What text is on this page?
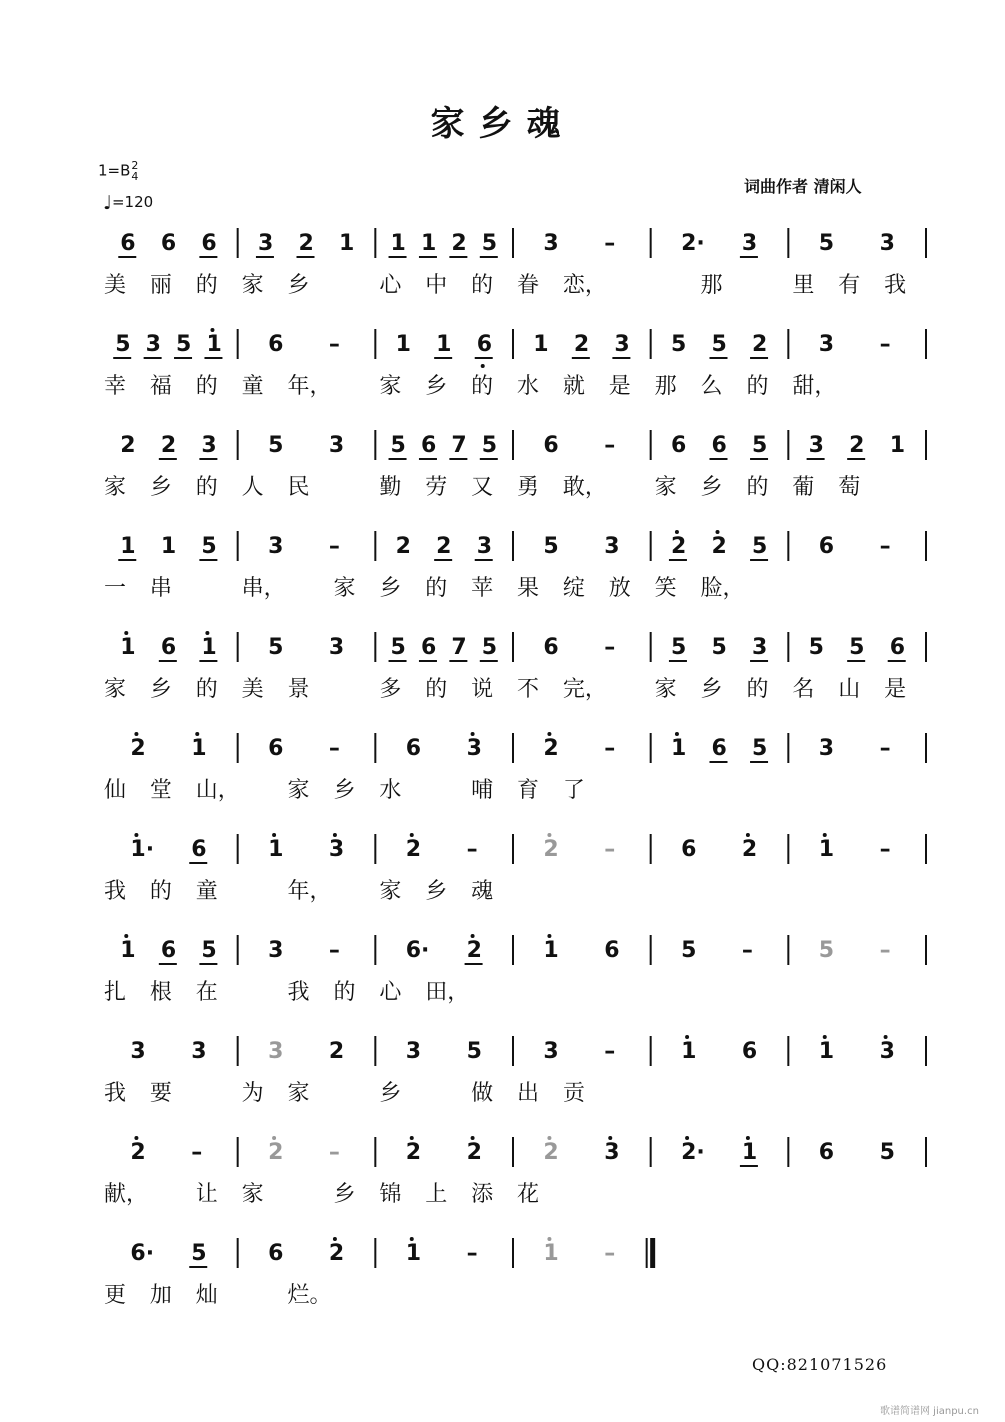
家乡魂
1=B2
4
♩=120
词曲作者 清闲人
6 6 6 3 2 1 1 1 2 5 3 –	2· 3	5 3
美 丽 的 家 乡	心 中 的 眷 恋，	那	里 有 我
5 3 5 1 6 –	1 1 6 1 2 3 5 5 2 3 –
幸 福 的 童 年， 家 乡 的 水 就 是 那 么 的 甜，
2 2 3 5 3 5 6 7 5 6 –	6 6 5 3 2 1
家 乡 的 人 民	勤 劳 又 勇 敢， 家 乡 的 葡 萄
1 1 5 3 –	2 2 3 5 3 2 2 5 6 –
一 串	串， 家 乡 的 苹 果 绽 放 笑 脸，
1 6 1 5 3 5 6 7 5 6 –	5 5 3 5 5 6
家 乡 的 美 景	多 的 说 不 完， 家 乡 的 名 山 是
2 1	6 –	6 3	2 –	1 6 5 3 –
仙 堂 山， 家 乡 水	哺 育 了
1· 6	1 3	2 –	2 –	6 2	1 –
我 的 童	年， 家 乡 魂
1 6 5 3 –	6· 2	1 6	5 –	5 –
扎 根 在	我 的 心 田，
3 3	3 2	3 5	3 –	1 6	1 3
我 要	为 家	乡	做 出 贡
2 –	2 –	2 2	2 3	2· 1	6 5
献， 让 家	乡 锦 上 添 花
6· 5	6 2	1 –	1 –
更 加 灿	烂。
QQ:821071526
歌谱简谱网 jianpu.cn
